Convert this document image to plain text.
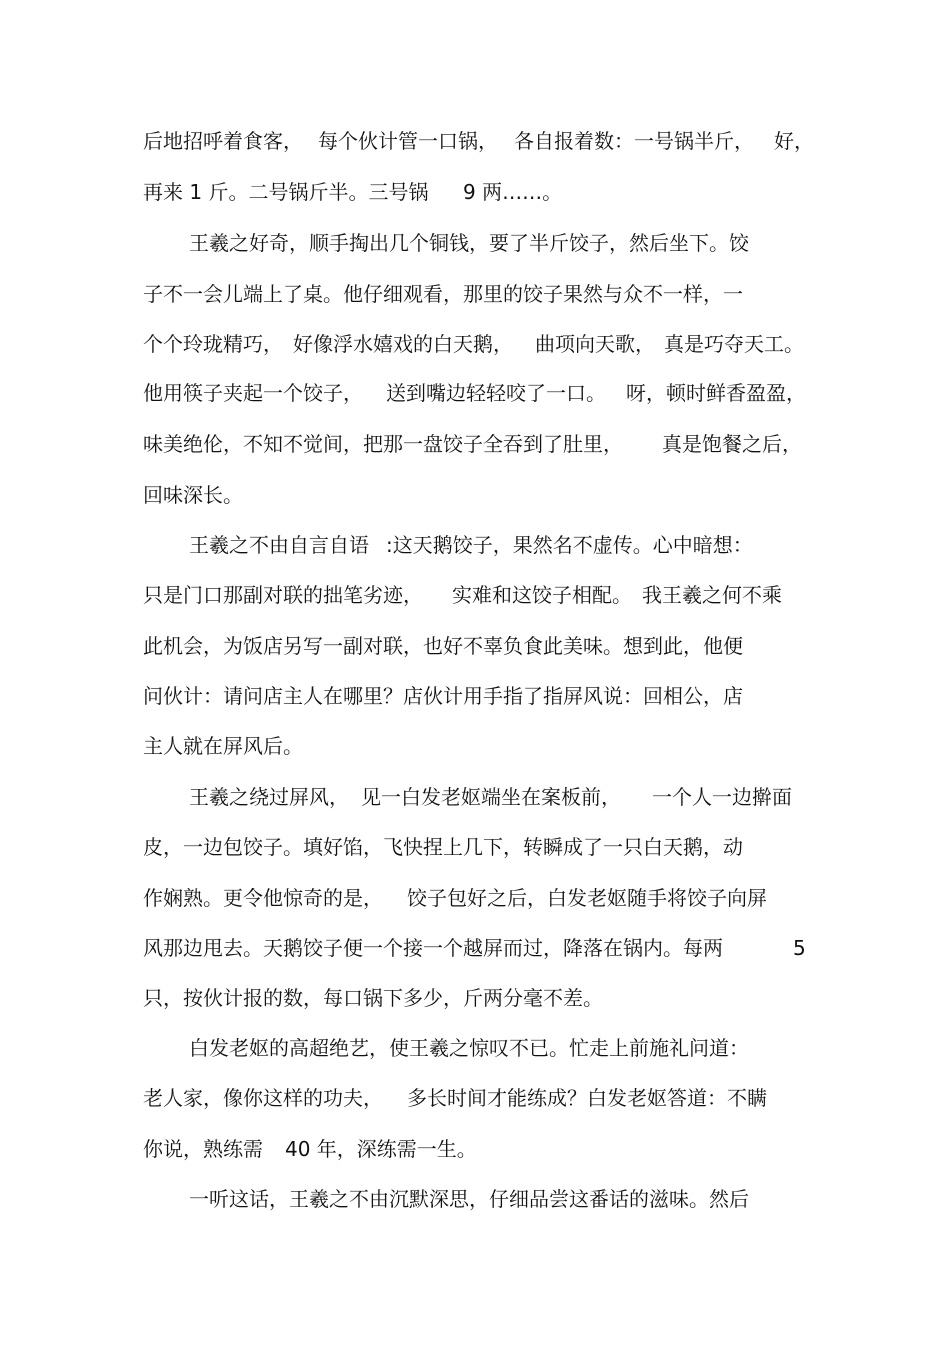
后地招呼着食客，

每个伙计管一口锅，

各自报着数：一号锅半斤，

好，

再来 1 斤。二号锅斤半。三号锅

9 两……。

王羲之好奇，顺手掏出几个铜钱，要了半斤饺子，然后坐下。饺

子不一会儿端上了桌。他仔细观看，那里的饺子果然与众不一样，一

个个玲珑精巧，

好像浮水嬉戏的白天鹅，

曲项向天歌，

真是巧夺天工。

他用筷子夹起一个饺子，

送到嘴边轻轻咬了一口。

呀，顿时鲜香盈盈，

味美绝伦，不知不觉间，把那一盘饺子全吞到了肚里，

真是饱餐之后，

回味深长。

王羲之不由自言自语

:这天鹅饺子，果然名不虚传。心中暗想：

只是门口那副对联的拙笔劣迹，

实难和这饺子相配。

我王羲之何不乘

此机会，为饭店另写一副对联，也好不辜负食此美味。想到此，他便

问伙计：请问店主人在哪里？店伙计用手指了指屏风说：回相公，店

主人就在屏风后。

王羲之绕过屏风，

见一白发老妪端坐在案板前，

一个人一边擀面

皮，一边包饺子。填好馅，飞快捏上几下，转瞬成了一只白天鹅，动

作娴熟。更令他惊奇的是，

饺子包好之后，白发老妪随手将饺子向屏

风那边甩去。天鹅饺子便一个接一个越屏而过，降落在锅内。每两

	5

只，按伙计报的数，每口锅下多少，斤两分毫不差。

白发老妪的高超绝艺，使王羲之惊叹不已。忙走上前施礼问道：

老人家，像你这样的功夫，

多长时间才能练成？白发老妪答道：不瞒

你说，熟练需

40 年，深练需一生。

一听这话，王羲之不由沉默深思，仔细品尝这番话的滋味。然后
